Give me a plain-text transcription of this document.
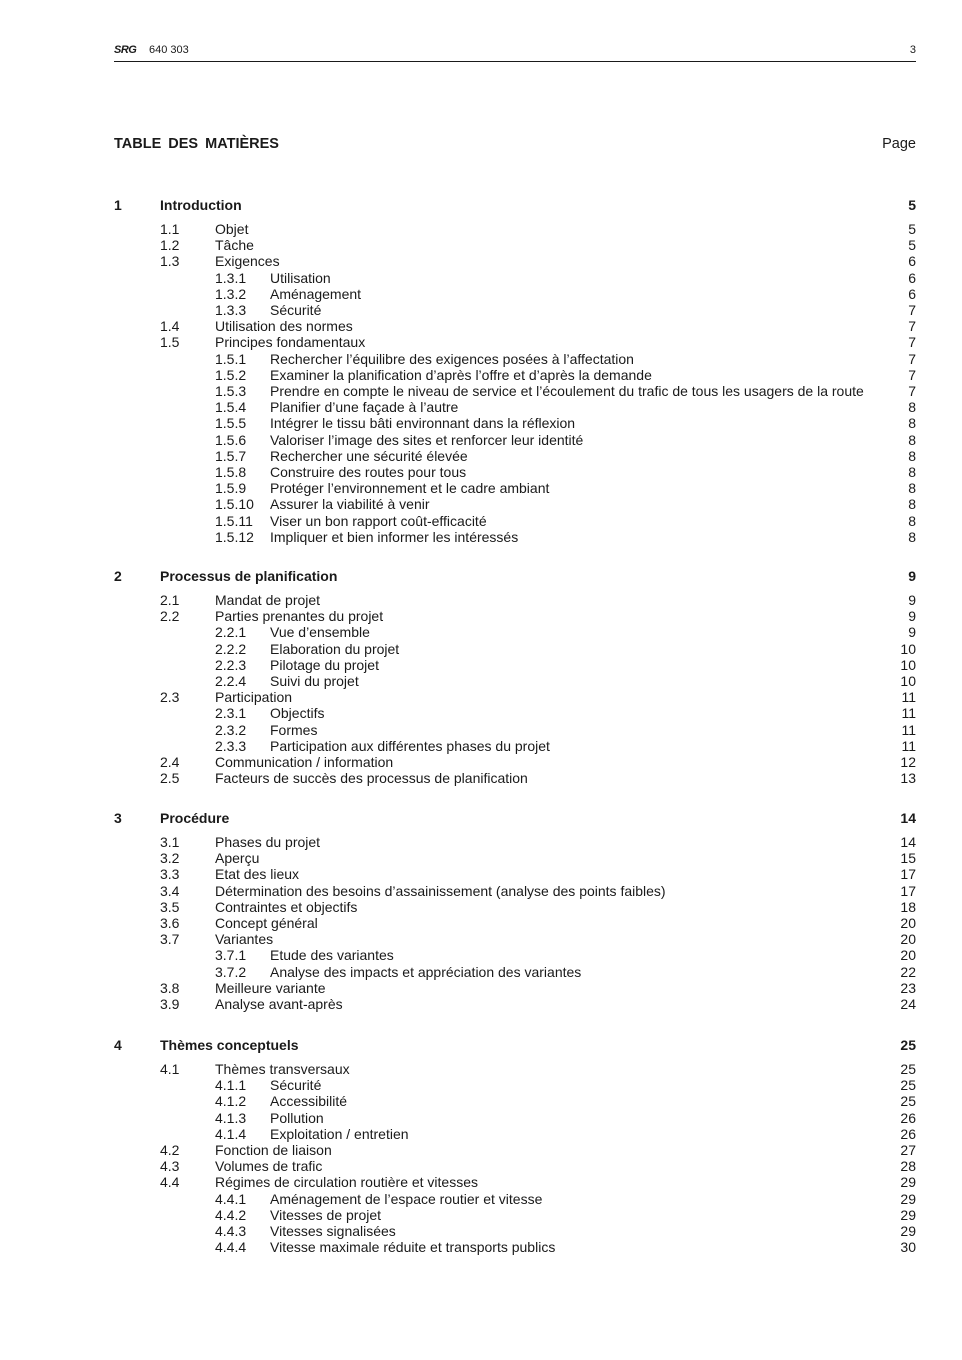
SRG 640 303	3
TABLE DES MATIÈRES	Page
1	Introduction	5
1.1	Objet	5
1.2	Tâche	5
1.3	Exigences	6
1.3.1 Utilisation	6
1.3.2 Aménagement	6
1.3.3 Sécurité	7
1.4	Utilisation des normes	7
1.5	Principes fondamentaux	7
1.5.1 Rechercher l’équilibre des exigences posées à l’affectation	7
1.5.2 Examiner la planification d’après l’offre et d’après la demande	7
1.5.3 Prendre en compte le niveau de service et l’écoulement du trafic de tous les usagers de la route	7
1.5.4 Planifier d’une façade à l’autre	8
1.5.5 Intégrer le tissu bâti environnant dans la réflexion	8
1.5.6 Valoriser l’image des sites et renforcer leur identité	8
1.5.7 Rechercher une sécurité élevée	8
1.5.8 Construire des routes pour tous	8
1.5.9 Protéger l’environnement et le cadre ambiant	8
1.5.10 Assurer la viabilité à venir	8
1.5.11 Viser un bon rapport coût-efficacité	8
1.5.12 Impliquer et bien informer les intéressés	8
2	Processus de planification	9
2.1	Mandat de projet	9
2.2	Parties prenantes du projet	9
2.2.1 Vue d’ensemble	9
2.2.2 Elaboration du projet	10
2.2.3 Pilotage du projet	10
2.2.4 Suivi du projet	10
2.3	Participation	11
2.3.1 Objectifs	11
2.3.2 Formes	11
2.3.3 Participation aux différentes phases du projet	11
2.4	Communication / information	12
2.5	Facteurs de succès des processus de planification	13
3	Procédure	14
3.1	Phases du projet	14
3.2	Aperçu	15
3.3	Etat des lieux	17
3.4	Détermination des besoins d’assainissement (analyse des points faibles)	17
3.5	Contraintes et objectifs	18
3.6	Concept général	20
3.7	Variantes	20
3.7.1 Etude des variantes	20
3.7.2 Analyse des impacts et appréciation des variantes	22
3.8	Meilleure variante	23
3.9	Analyse avant-après	24
4	Thèmes conceptuels	25
4.1	Thèmes transversaux	25
4.1.1 Sécurité	25
4.1.2 Accessibilité	25
4.1.3 Pollution	26
4.1.4 Exploitation / entretien	26
4.2	Fonction de liaison	27
4.3	Volumes de trafic	28
4.4	Régimes de circulation routière et vitesses	29
4.4.1 Aménagement de l’espace routier et vitesse	29
4.4.2 Vitesses de projet	29
4.4.3 Vitesses signalisées	29
4.4.4 Vitesse maximale réduite et transports publics	30
